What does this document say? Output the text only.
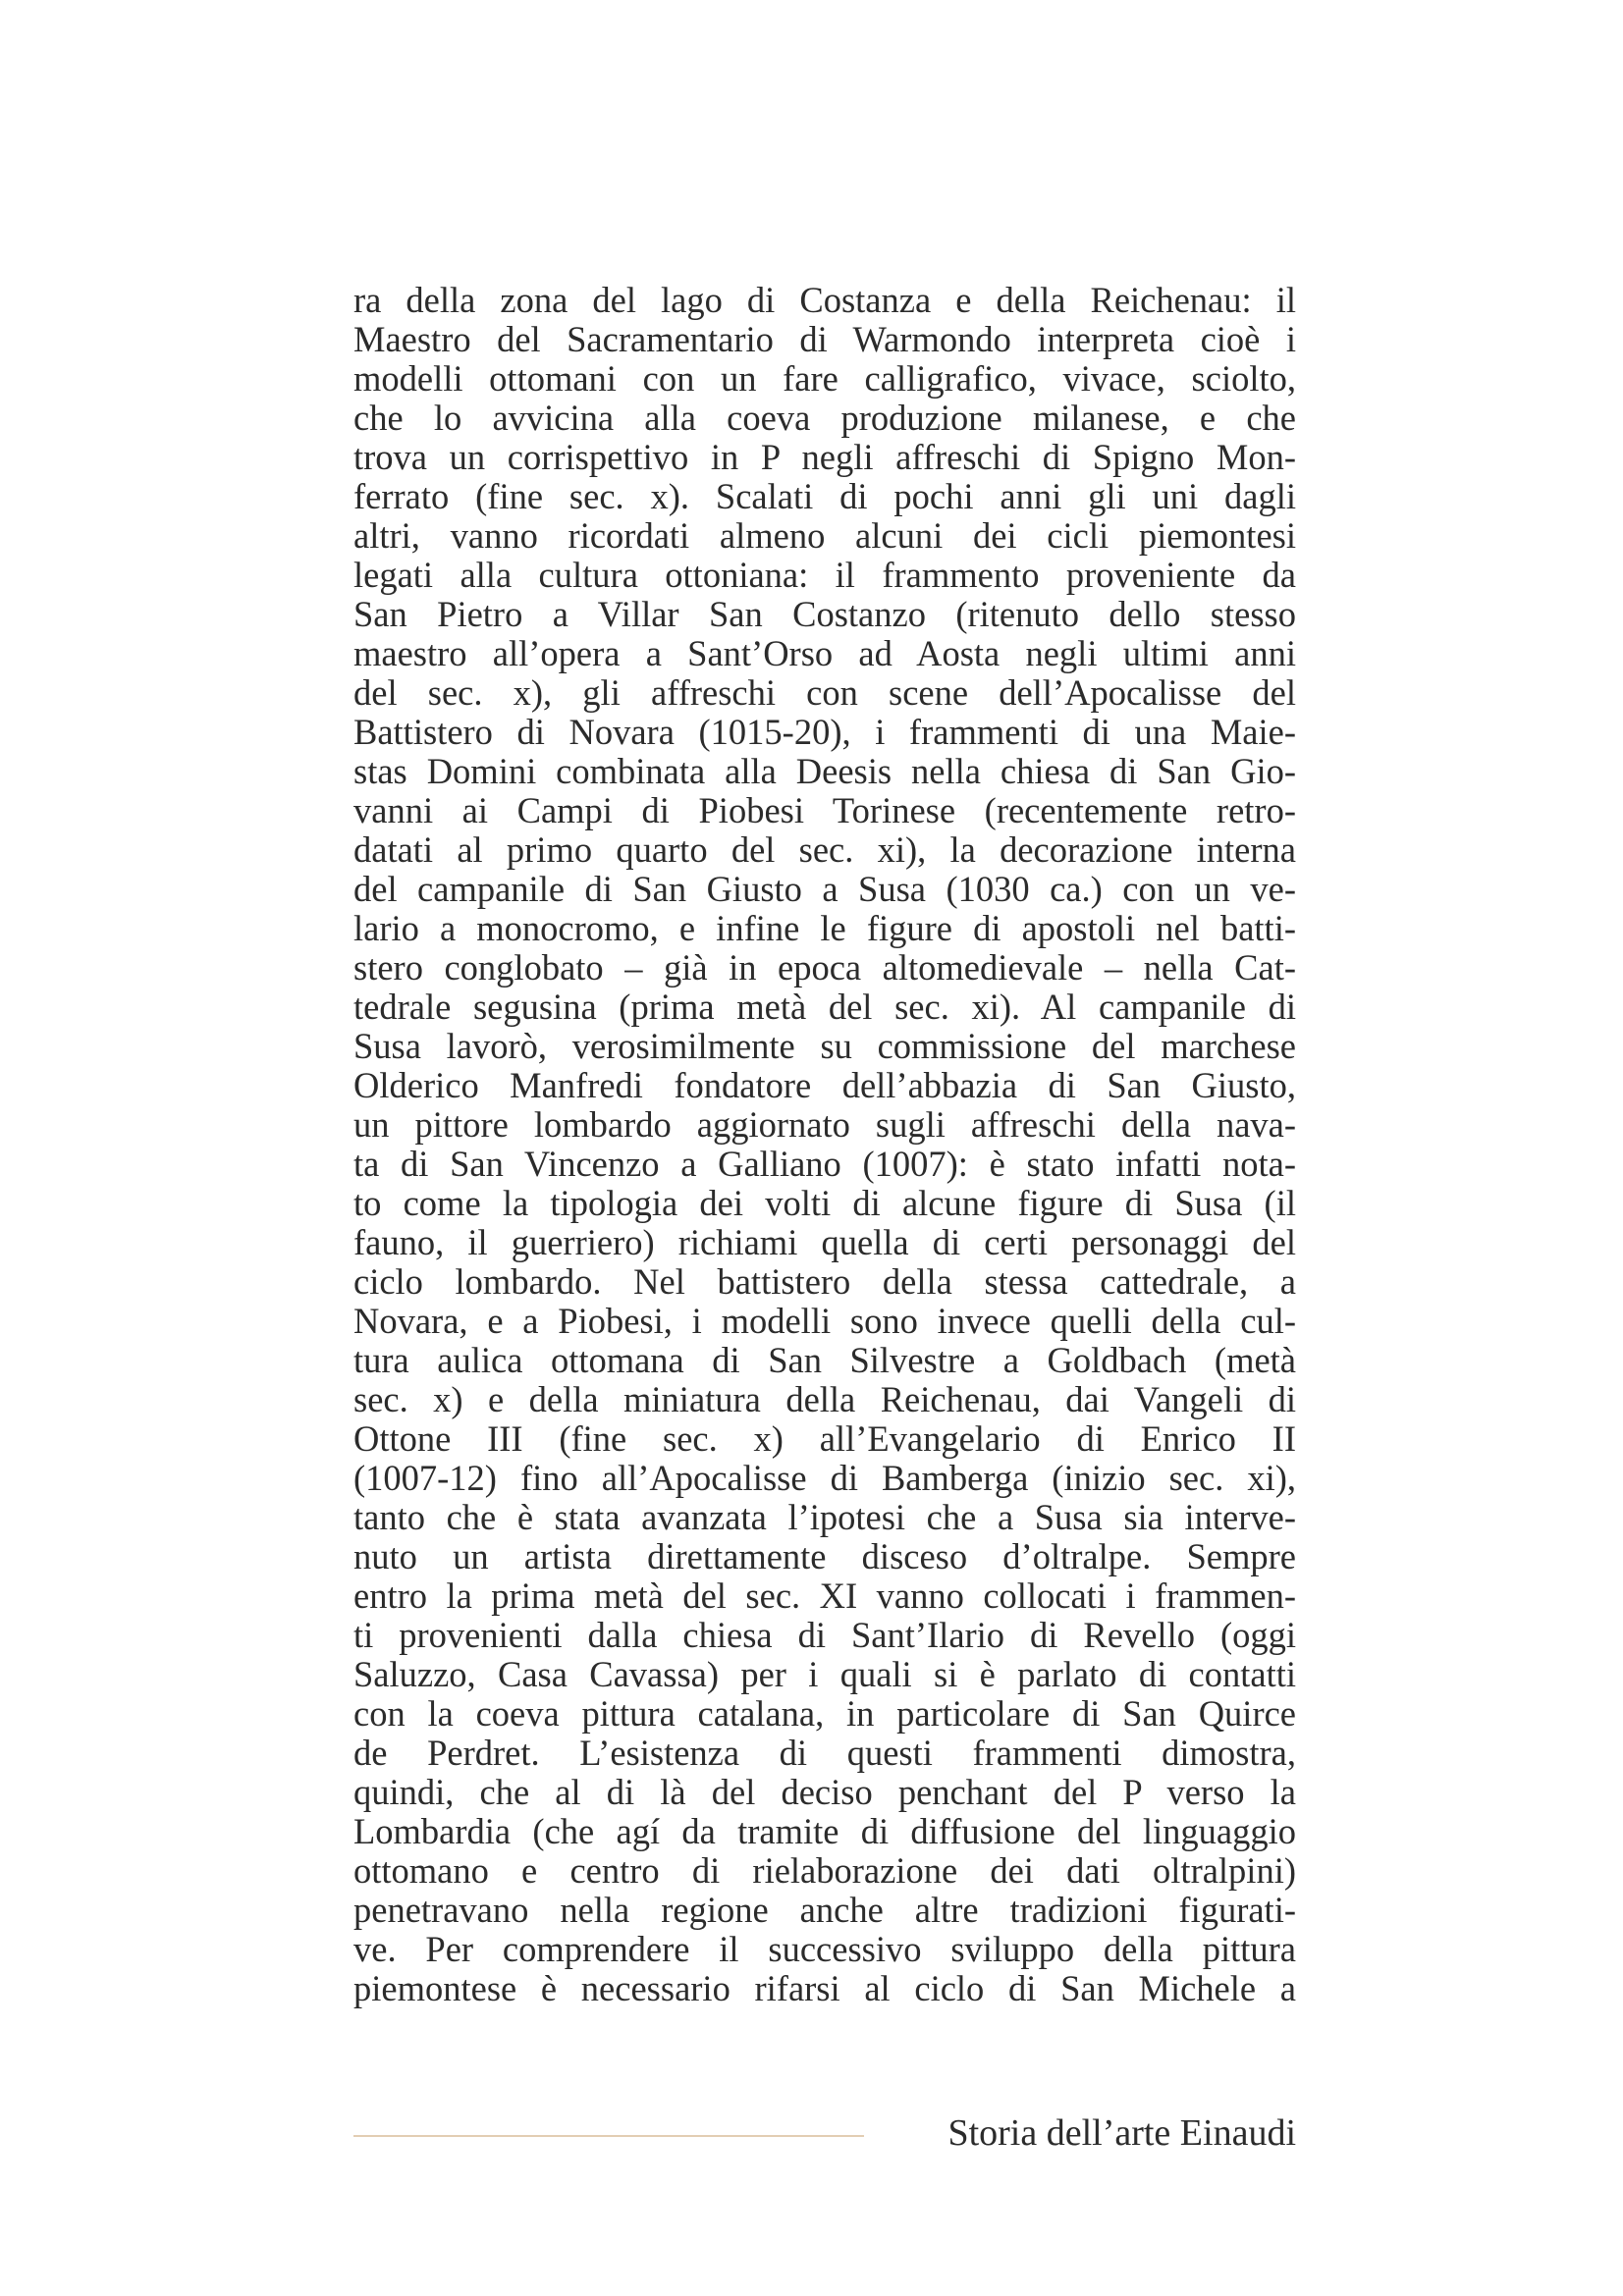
ra della zona del lago di Costanza e della Reichenau: il
Maestro del Sacramentario di Warmondo interpreta cioè i
modelli ottomani con un fare calligrafico, vivace, sciolto,
che lo avvicina alla coeva produzione milanese, e che
trova un corrispettivo in P negli affreschi di Spigno Mon-
ferrato (fine sec. x). Scalati di pochi anni gli uni dagli
altri, vanno ricordati almeno alcuni dei cicli piemontesi
legati alla cultura ottoniana: il frammento proveniente da
San Pietro a Villar San Costanzo (ritenuto dello stesso
maestro all’opera a Sant’Orso ad Aosta negli ultimi anni
del sec. x), gli affreschi con scene dell’Apocalisse del
Battistero di Novara (1015-20), i frammenti di una Maie-
stas Domini combinata alla Deesis nella chiesa di San Gio-
vanni ai Campi di Piobesi Torinese (recentemente retro-
datati al primo quarto del sec. xi), la decorazione interna
del campanile di San Giusto a Susa (1030 ca.) con un ve-
lario a monocromo, e infine le figure di apostoli nel batti-
stero conglobato – già in epoca altomedievale – nella Cat-
tedrale segusina (prima metà del sec. xi). Al campanile di
Susa lavorò, verosimilmente su commissione del marchese
Olderico Manfredi fondatore dell’abbazia di San Giusto,
un pittore lombardo aggiornato sugli affreschi della nava-
ta di San Vincenzo a Galliano (1007): è stato infatti nota-
to come la tipologia dei volti di alcune figure di Susa (il
fauno, il guerriero) richiami quella di certi personaggi del
ciclo lombardo. Nel battistero della stessa cattedrale, a
Novara, e a Piobesi, i modelli sono invece quelli della cul-
tura aulica ottomana di San Silvestre a Goldbach (metà
sec. x) e della miniatura della Reichenau, dai Vangeli di
Ottone III (fine sec. x) all’Evangelario di Enrico II
(1007-12) fino all’Apocalisse di Bamberga (inizio sec. xi),
tanto che è stata avanzata l’ipotesi che a Susa sia interve-
nuto un artista direttamente disceso d’oltralpe. Sempre
entro la prima metà del sec. XI vanno collocati i frammen-
ti provenienti dalla chiesa di Sant’Ilario di Revello (oggi
Saluzzo, Casa Cavassa) per i quali si è parlato di contatti
con la coeva pittura catalana, in particolare di San Quirce
de Perdret. L’esistenza di questi frammenti dimostra,
quindi, che al di là del deciso penchant del P verso la
Lombardia (che agí da tramite di diffusione del linguaggio
ottomano e centro di rielaborazione dei dati oltralpini)
penetravano nella regione anche altre tradizioni figurati-
ve. Per comprendere il successivo sviluppo della pittura
piemontese è necessario rifarsi al ciclo di San Michele a
Storia dell’arte Einaudi
